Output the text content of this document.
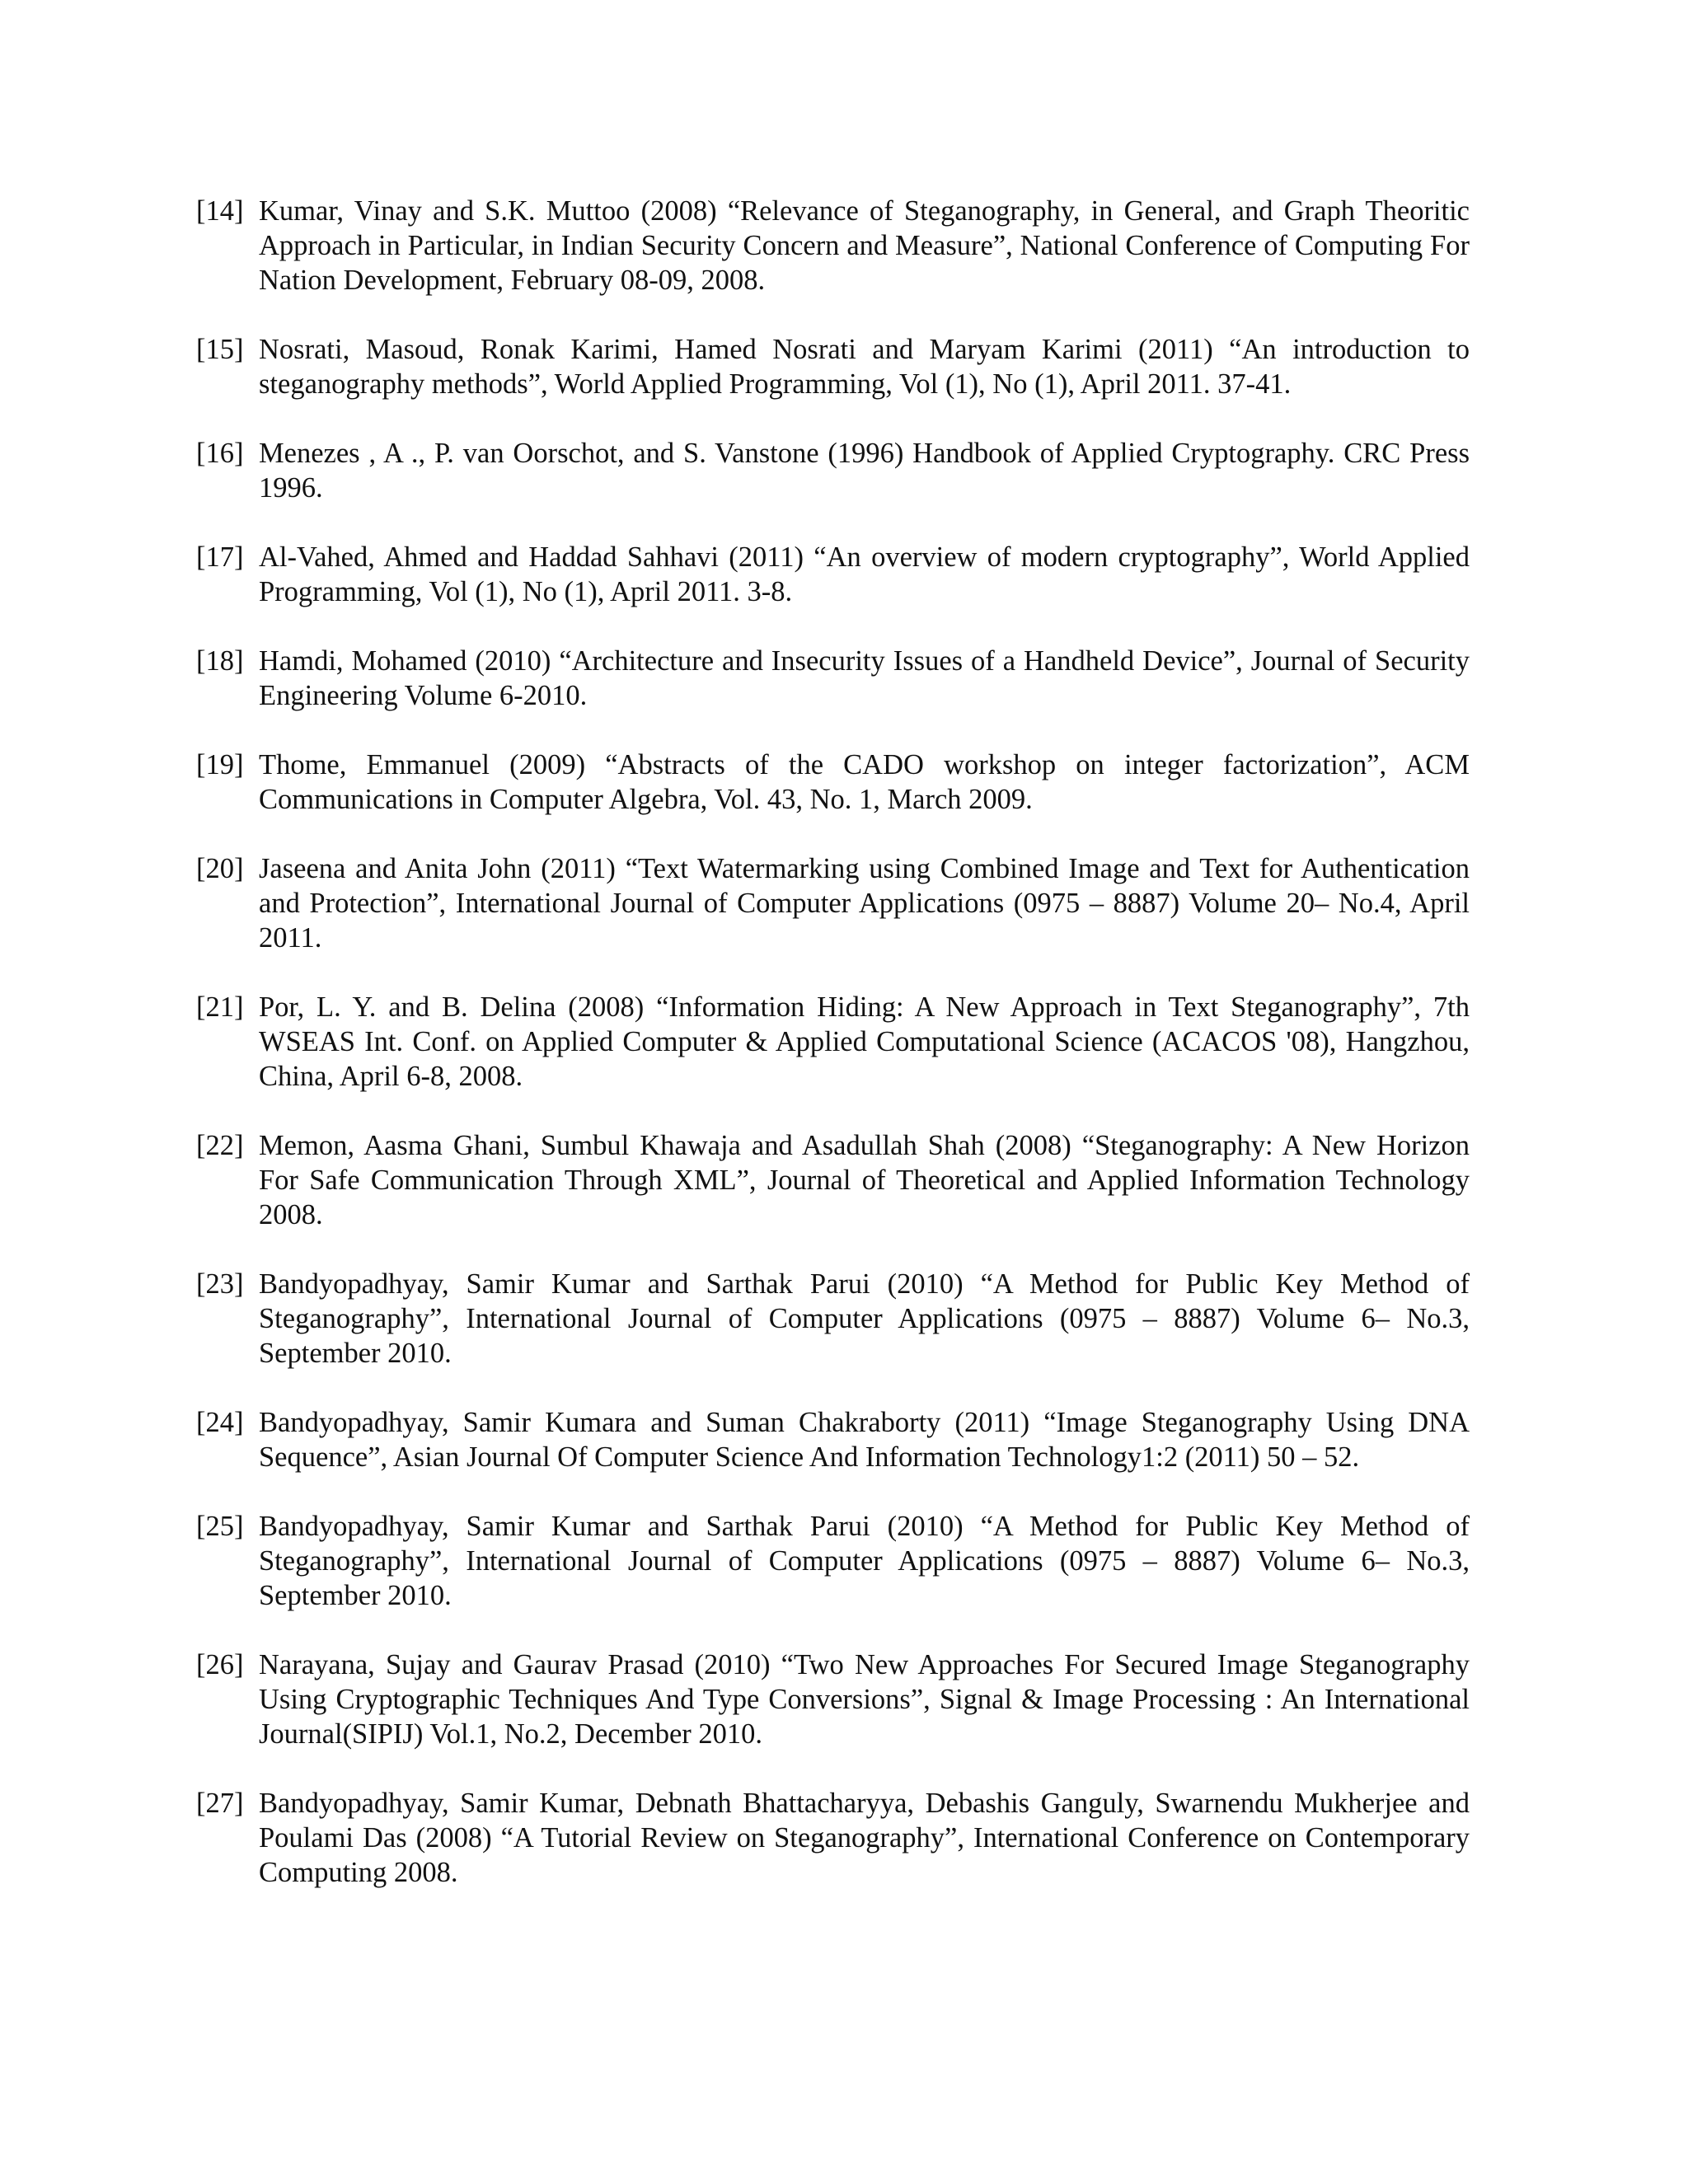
[14] Kumar, Vinay and S.K. Muttoo (2008) “Relevance of Steganography, in General, and Graph Theoritic Approach in Particular, in Indian Security Concern and Measure”, National Conference of Computing For Nation Development, February 08-09, 2008.
[15] Nosrati, Masoud, Ronak Karimi, Hamed Nosrati and Maryam Karimi (2011) “An introduction to steganography methods”, World Applied Programming, Vol (1), No (1), April 2011. 37-41.
[16] Menezes , A ., P. van Oorschot, and S. Vanstone (1996) Handbook of Applied Cryptography. CRC Press 1996.
[17] Al-Vahed, Ahmed and Haddad Sahhavi (2011) “An overview of modern cryptography”, World Applied Programming, Vol (1), No (1), April 2011. 3-8.
[18] Hamdi, Mohamed (2010) “Architecture and Insecurity Issues of a Handheld Device”, Journal of Security Engineering Volume 6-2010.
[19] Thome, Emmanuel (2009) “Abstracts of the CADO workshop on integer factorization”, ACM Communications in Computer Algebra, Vol. 43, No. 1, March 2009.
[20] Jaseena and Anita John (2011) “Text Watermarking using Combined Image and Text for Authentication and Protection”, International Journal of Computer Applications (0975 – 8887) Volume 20– No.4, April 2011.
[21] Por, L. Y. and B. Delina (2008) “Information Hiding: A New Approach in Text Steganography”, 7th WSEAS Int. Conf. on Applied Computer & Applied Computational Science (ACACOS '08), Hangzhou, China, April 6-8, 2008.
[22] Memon, Aasma Ghani, Sumbul Khawaja and Asadullah Shah (2008) “Steganography: A New Horizon For Safe Communication Through XML”, Journal of Theoretical and Applied Information Technology 2008.
[23] Bandyopadhyay, Samir Kumar and Sarthak Parui (2010) “A Method for Public Key Method of Steganography”, International Journal of Computer Applications (0975 – 8887) Volume 6– No.3, September 2010.
[24] Bandyopadhyay, Samir Kumara and Suman Chakraborty (2011) “Image Steganography Using DNA Sequence”, Asian Journal Of Computer Science And Information Technology1:2 (2011) 50 – 52.
[25] Bandyopadhyay, Samir Kumar and Sarthak Parui (2010) “A Method for Public Key Method of Steganography”, International Journal of Computer Applications (0975 – 8887) Volume 6– No.3, September 2010.
[26] Narayana, Sujay and Gaurav Prasad (2010) “Two New Approaches For Secured Image Steganography Using Cryptographic Techniques And Type Conversions”, Signal & Image Processing : An International Journal(SIPIJ) Vol.1, No.2, December 2010.
[27] Bandyopadhyay, Samir Kumar, Debnath Bhattacharyya, Debashis Ganguly, Swarnendu Mukherjee and Poulami Das (2008) “A Tutorial Review on Steganography”, International Conference on Contemporary Computing 2008.
